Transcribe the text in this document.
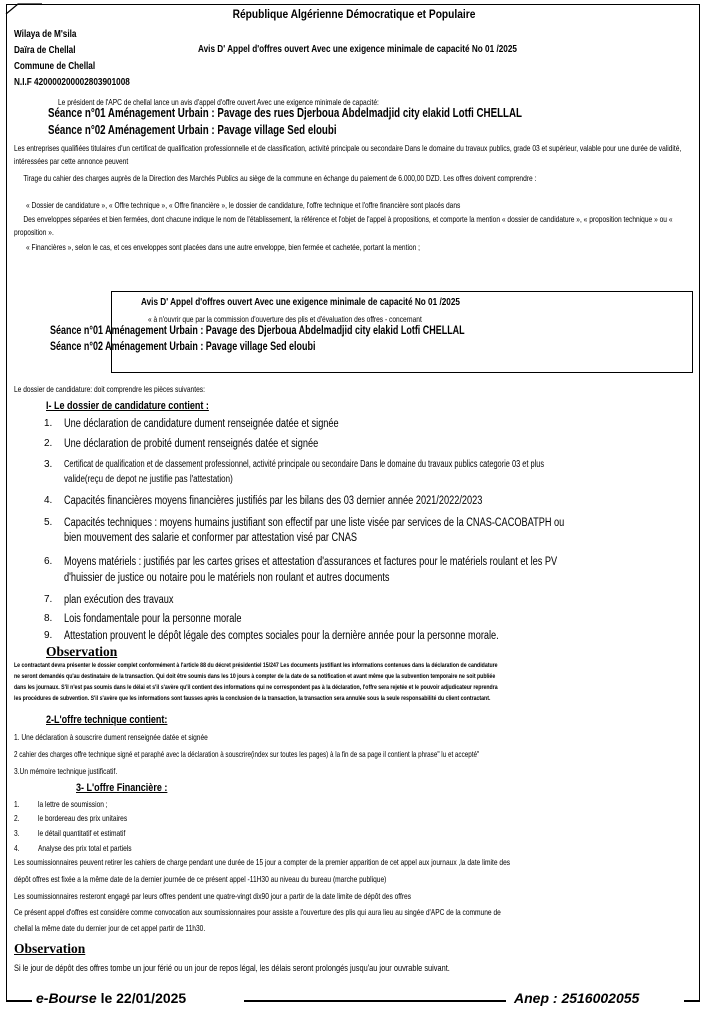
République Algérienne Démocratique et Populaire
Wilaya de M'sila
Daïra de Chellal	Avis D' Appel d'offres ouvert Avec une exigence minimale de capacité No 01 /2025
Commune de Chellal
N.I.F 420000200002803901008
Le président de l'APC de chellal lance un avis d'appel d'offre ouvert Avec une exigence minimale de capacité:
Séance n°01 Aménagement Urbain : Pavage des rues Djerboua Abdelmadjid city elakid Lotfi CHELLAL
Séance n°02 Aménagement Urbain : Pavage village Sed eloubi
Les entreprises qualifiées titulaires d'un certificat de qualification professionnelle et de classification, activité principale ou secondaire Dans le domaine du travaux publics, grade 03 et supérieur, valable pour une durée de validité, intéressées par cette annonce peuvent
Tirage du cahier des charges auprès de la Direction des Marchés Publics au siège de la commune en échange du paiement de 6.000,00 DZD. Les offres doivent comprendre :
« Dossier de candidature », « Offre technique », « Offre financière », le dossier de candidature, l'offre technique et l'offre financière sont placés dans
Des enveloppes séparées et bien fermées, dont chacune indique le nom de l'établissement, la référence et l'objet de l'appel à propositions, et comporte la mention « dossier de candidature », « proposition technique » ou « proposition ».
« Financières », selon le cas, et ces enveloppes sont placées dans une autre enveloppe, bien fermée et cachetée, portant la mention ;
Avis D' Appel d'offres ouvert Avec une exigence minimale de capacité No 01 /2025
« à n'ouvrir que par la commission d'ouverture des plis et d'évaluation des offres - concernant
Séance n°01 Aménagement Urbain : Pavage des Djerboua Abdelmadjid city elakid Lotfi CHELLAL
Séance n°02 Aménagement Urbain : Pavage village Sed eloubi
Le dossier de candidature: doit comprendre les pièces suivantes:
I- Le dossier de candidature contient :
1. Une déclaration de candidature dument renseignée datée et signée
2. Une déclaration de probité dument renseignés datée et signée
3. Certificat de qualification et de classement professionnel, activité principale ou secondaire Dans le domaine du travaux publics categorie 03 et plus
valide(reçu de depot ne justifie pas l'attestation)
4. Capacités financières moyens financières justifiés par les bilans des 03 dernier année 2021/2022/2023
5. Capacités techniques : moyens humains justifiant son effectif par une liste visée par services de la CNAS-CACOBATPH ou
bien mouvement des salarie et conformer par attestation visé par CNAS
6. Moyens matériels : justifiés par les cartes grises et attestation d'assurances et factures pour le matériels roulant et les PV
d'huissier de justice ou notaire pou le matériels non roulant et autres documents
7. plan exécution des travaux
8. Lois fondamentale pour la personne morale
9. Attestation prouvent le dépôt légale des comptes sociales pour la dernière année pour la personne morale.
Observation
Le contractant devra présenter le dossier complet conformément à l'article 88 du décret présidentiel 15/247 Les documents justifiant les informations contenues dans la déclaration de candidature
ne seront demandés qu'au destinataire de la transaction. Qui doit être soumis dans les 10 jours à compter de la date de sa notification et avant même que la subvention temporaire ne soit publiée
dans les journaux. S'il n'est pas soumis dans le délai et s'il s'avère qu'il contient des informations qui ne correspondent pas à la déclaration, l'offre sera rejetée et le pouvoir adjudicateur reprendra
les procédures de subvention. S'il s'avère que les informations sont fausses après la conclusion de la transaction, la transaction sera annulée sous la seule responsabilité du client contractant.
2-L'offre technique contient:
1. Une déclaration à souscrire dument renseignée datée et signée
2 cahier des charges offre technique signé et paraphé avec la déclaration à souscrire(index sur toutes les pages) à la fin de sa page il contient la phrase" lu et accepté"
3.Un mémoire technique justificatif.
3- L'offre Financière :
1. la lettre de soumission ;
2. le bordereau des prix unitaires
3. le détail quantitatif et estimatif
4. Analyse des prix total et partiels
Les soumissionnaires peuvent retirer les cahiers de charge pendant une durée de 15 jour a compter de la premier apparition de cet appel aux journaux ,la date limite des
dépôt offres est fixée a la même date de la dernier journée de ce présent appel -11H30 au niveau du bureau (marche publique)
Les soumissionnaires resteront engagé par leurs offres pendent une quatre-vingt dix90 jour a partir de la date limite de dépôt des offres
Ce présent appel d'offres est considère comme convocation aux soumissionnaires pour assiste a l'ouverture des plis qui aura lieu au singée d'APC de la commune de
chellal la même date du dernier jour de cet appel partir de 11h30.
Observation
Si le jour de dépôt des offres tombe un jour férié ou un jour de repos légal, les délais seront prolongés jusqu'au jour ouvrable suivant.
e-Bourse le 22/01/2025	Anep : 2516002055
